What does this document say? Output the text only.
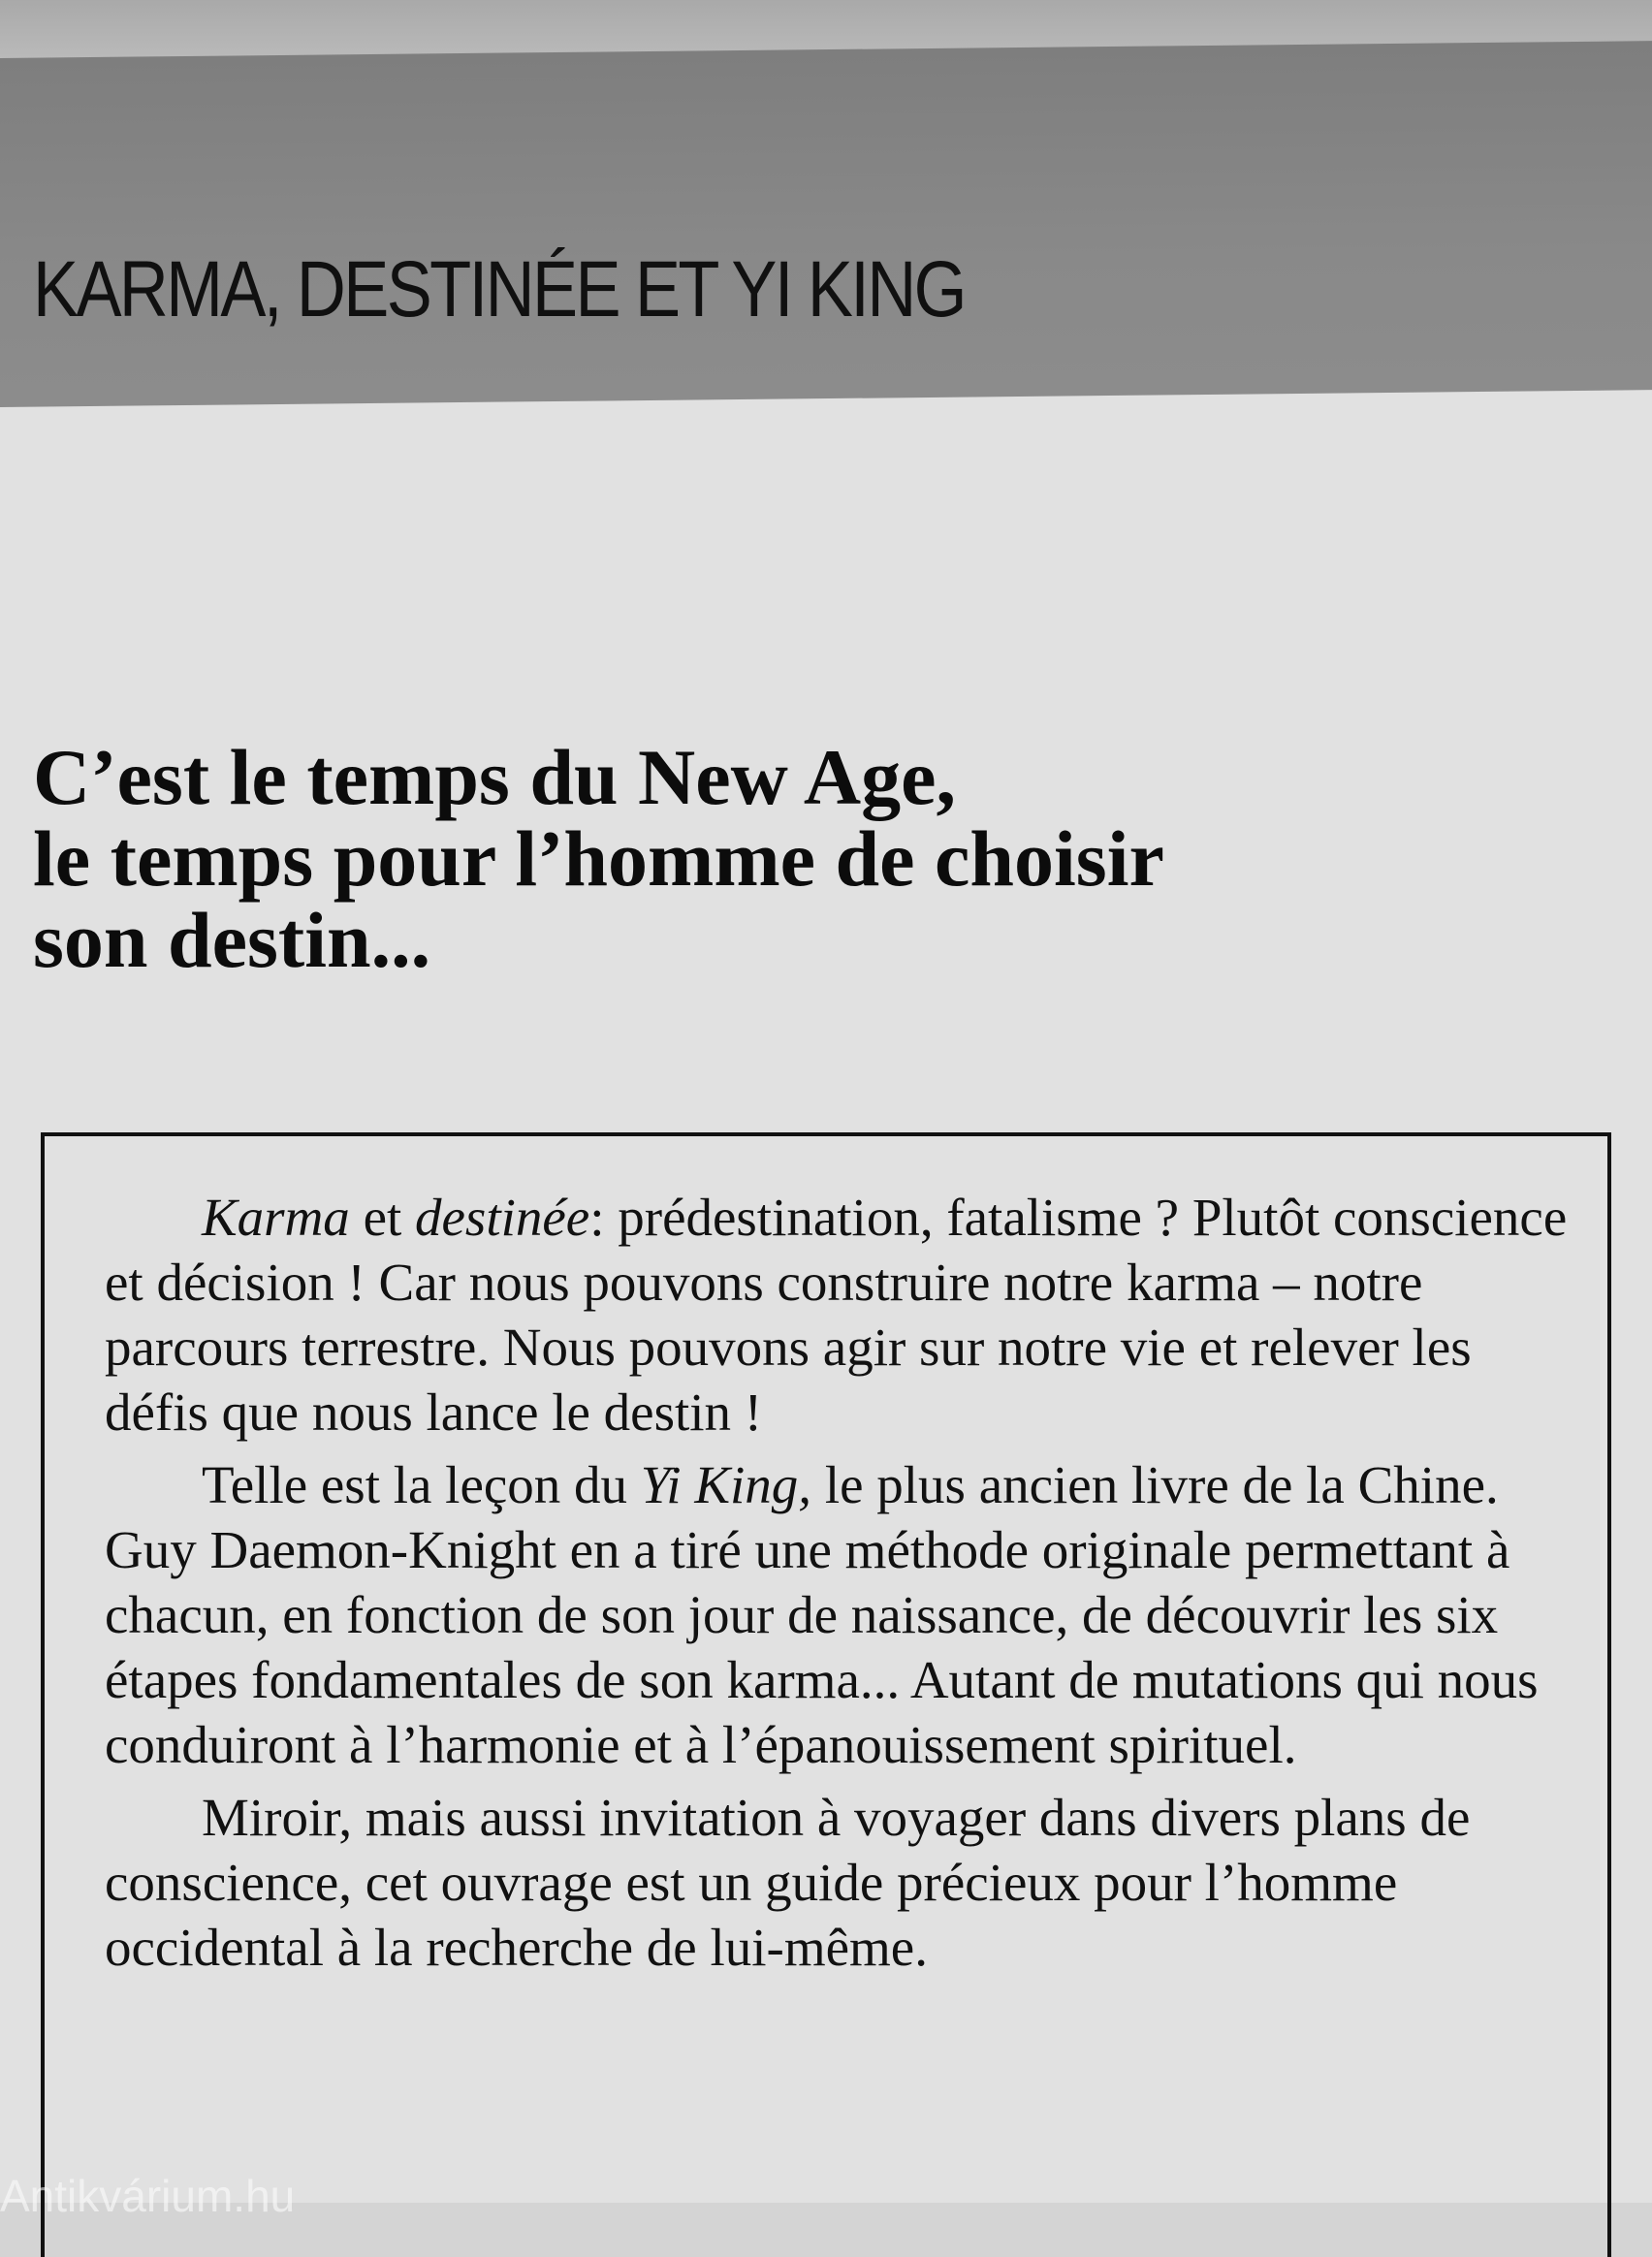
KARMA, DESTINÉE ET YI KING
C’est le temps du New Age,
le temps pour l’homme de choisir
son destin...

Karma et destinée: prédestination, fatalisme ? Plutôt conscience et décision ! Car nous pouvons construire notre karma – notre parcours terrestre. Nous pouvons agir sur notre vie et relever les défis que nous lance le destin !

Telle est la leçon du Yi King, le plus ancien livre de la Chine. Guy Daemon-Knight en a tiré une méthode originale permettant à chacun, en fonction de son jour de naissance, de découvrir les six étapes fondamentales de son karma... Autant de mutations qui nous conduiront à l’harmonie et à l’épanouissement spirituel.

Miroir, mais aussi invitation à voyager dans divers plans de conscience, cet ouvrage est un guide précieux pour l’homme occidental à la recherche de lui-même.

Antikvárium.hu
